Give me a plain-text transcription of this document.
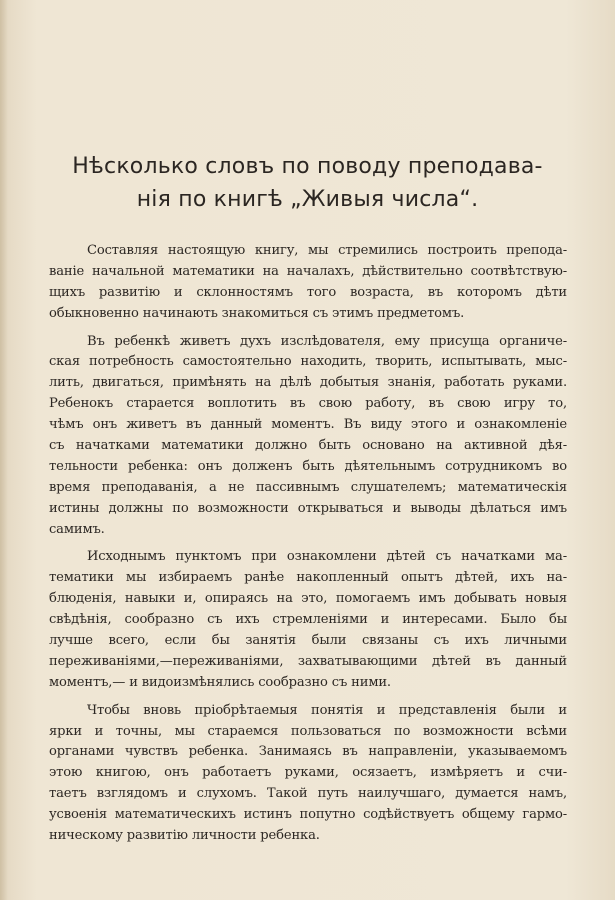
Нѣсколько словъ по поводу преподава-
нія по книгѣ „Живыя числа“.

Составляя настоящую книгу, мы стремились построить препода-
ваніе начальной математики на началахъ, дѣйствительно соотвѣтствую-
щихъ развитію и склонностямъ того возраста, въ которомъ дѣти
обыкновенно начинають знакомиться съ этимъ предметомъ.

Въ ребенкѣ живетъ духъ изслѣдователя, ему присуща органиче-
ская потребность самостоятельно находить, творить, испытывать, мыс-
лить, двигаться, примѣнять на дѣлѣ добытыя знанія, работать руками.
Ребенокъ старается воплотить въ свою работу, въ свою игру то,
чѣмъ онъ живетъ въ данный моментъ. Въ виду этого и ознакомленіе
съ начатками математики должно быть основано на активной дѣя-
тельности ребенка: онъ долженъ быть дѣятельнымъ сотрудникомъ во
время преподаванія, а не пассивнымъ слушателемъ; математическія
истины должны по возможности открываться и выводы дѣлаться имъ
самимъ.

Исходнымъ пунктомъ при ознакомлени дѣтей съ начатками ма-
тематики мы избираемъ ранѣе накопленный опытъ дѣтей, ихъ на-
блюденія, навыки и, опираясь на это, помогаемъ имъ добывать новыя
свѣдѣнія, сообразно съ ихъ стремленіями и интересами. Было бы
лучше всего, если бы занятія были связаны съ ихъ личными
переживаніями,—переживаніями, захватывающими дѣтей въ данный
моментъ,— и видоизмѣнялись сообразно съ ними.

Чтобы вновь пріобрѣтаемыя понятія и представленія были и
ярки и точны, мы стараемся пользоваться по возможности всѣми
органами чувствъ ребенка. Занимаясь въ направленіи, указываемомъ
этою книгою, онъ работаетъ руками, осязаетъ, измѣряетъ и счи-
таетъ взглядомъ и слухомъ. Такой путь наилучшаго, думается намъ,
усвоенія математическихъ истинъ попутно содѣйствуетъ общему гармо-
ническому развитію личности ребенка.
